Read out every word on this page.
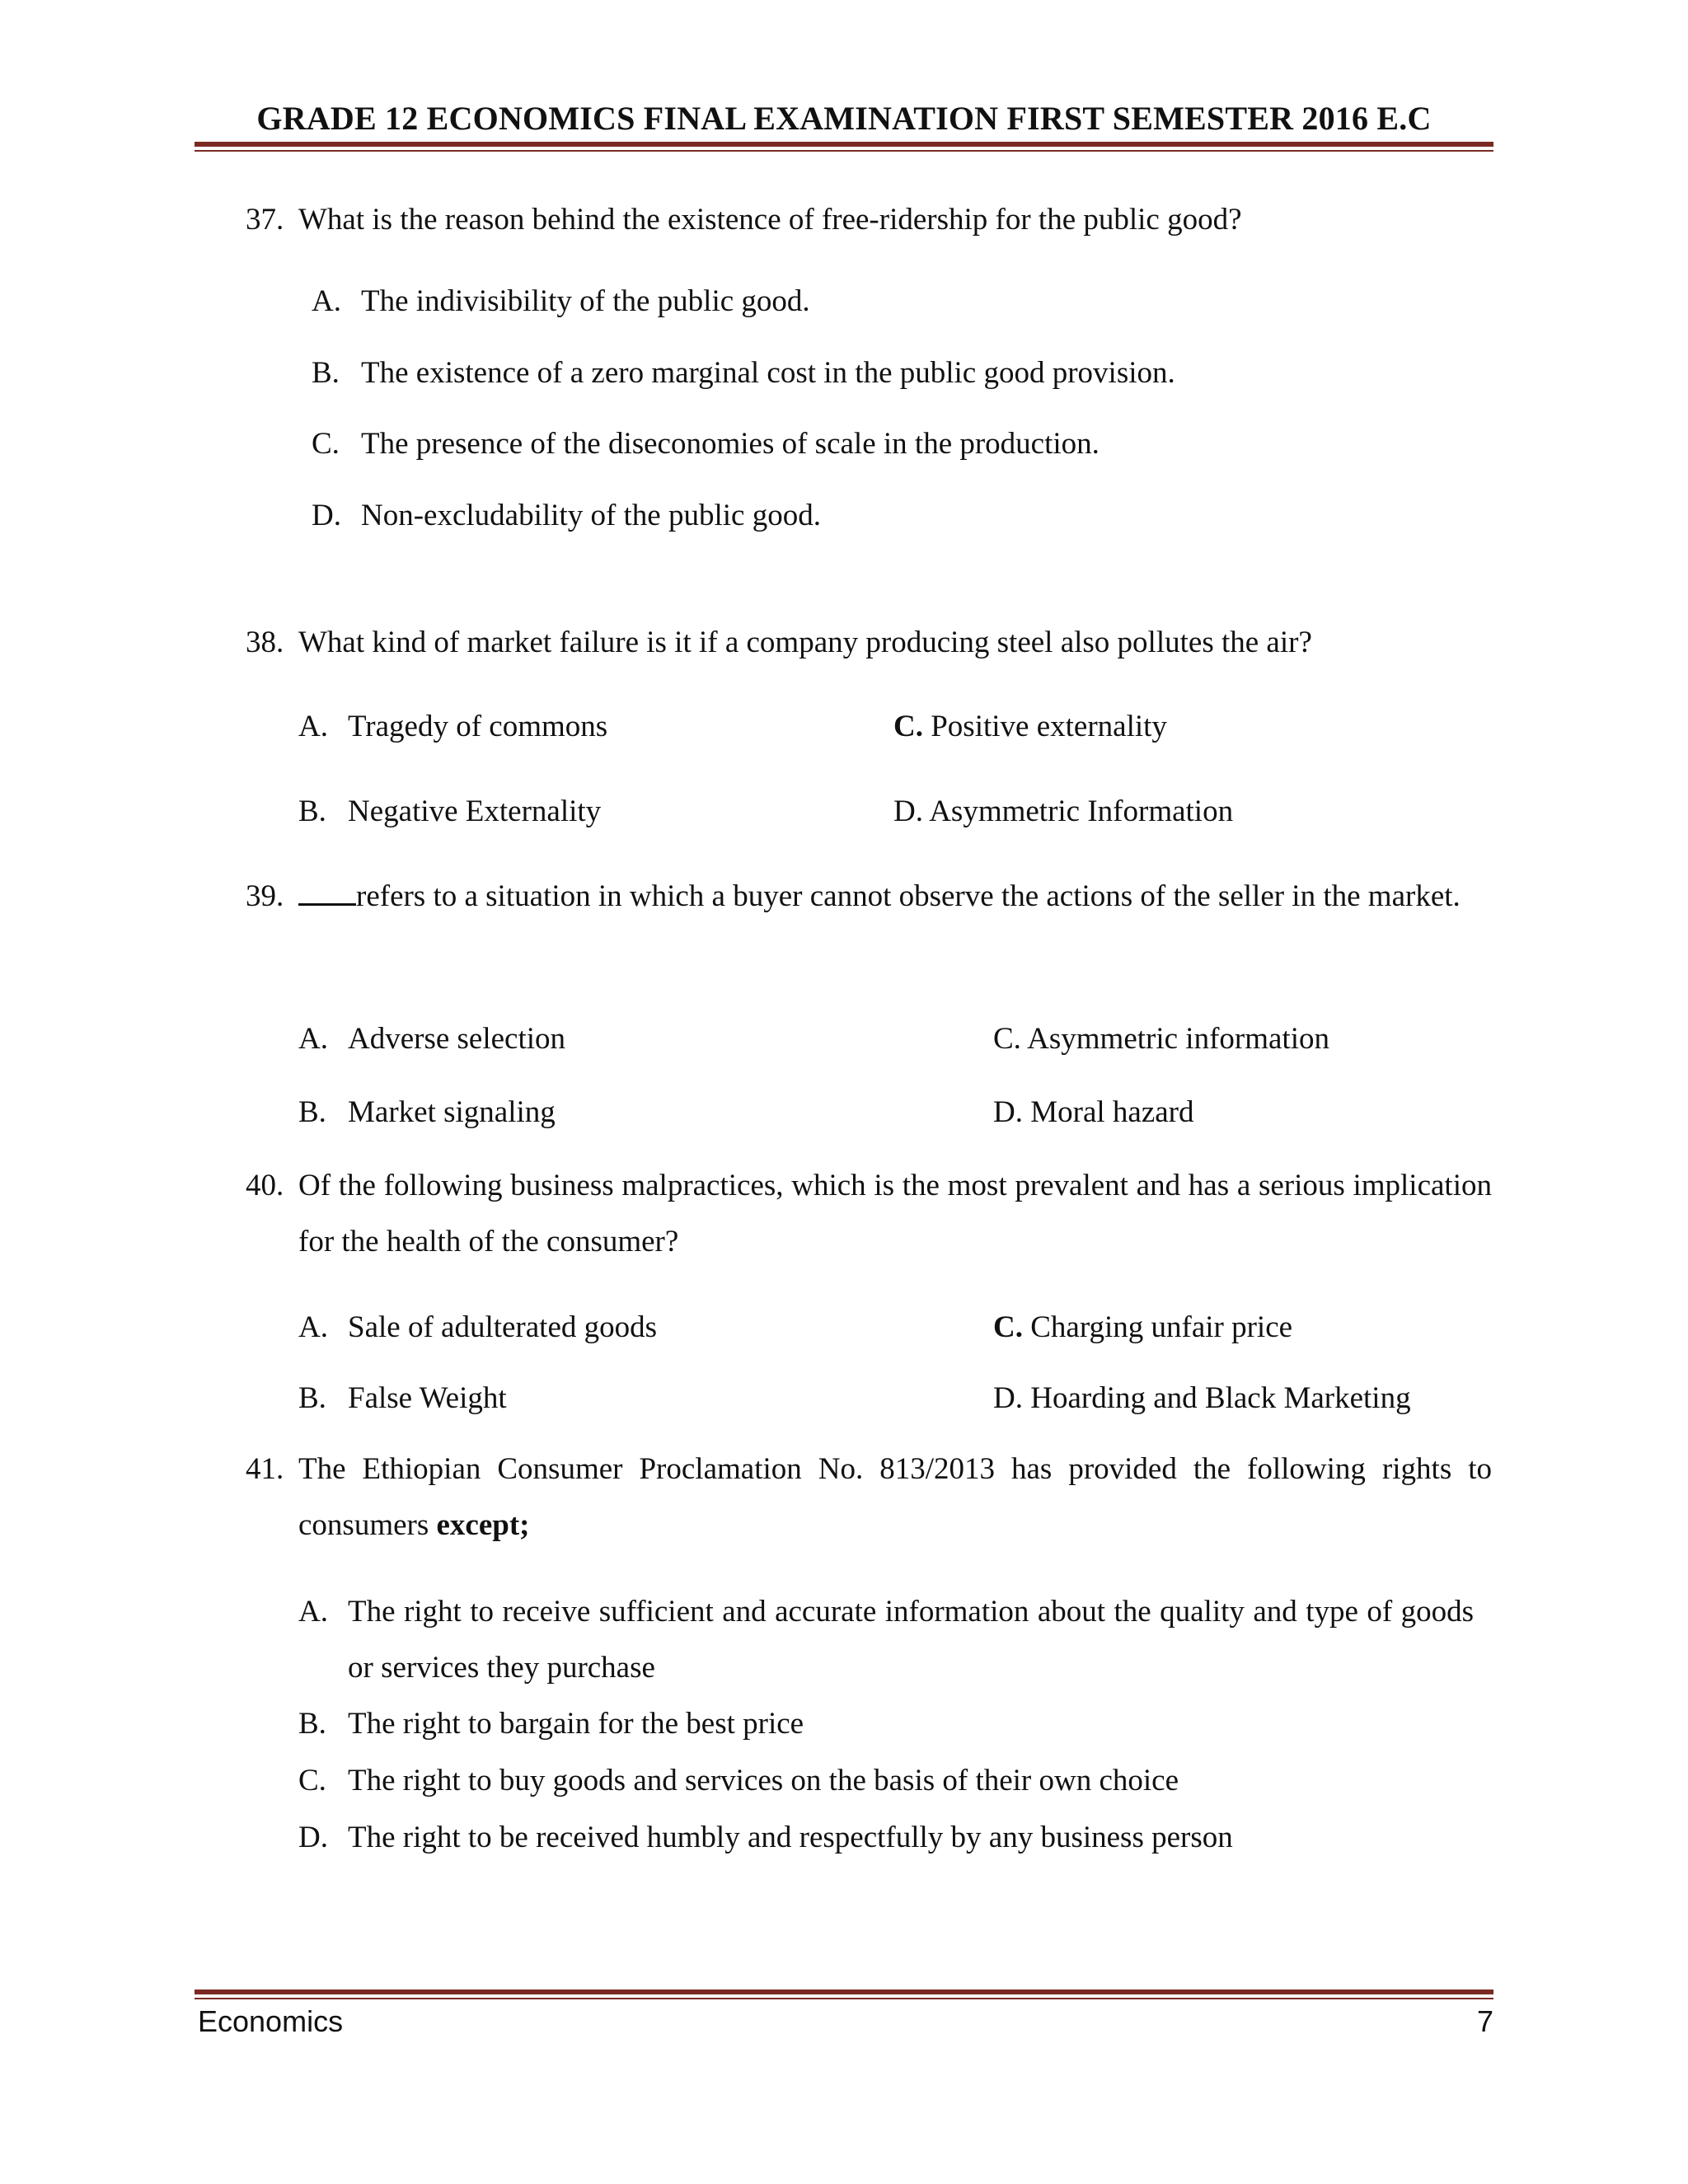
GRADE 12 ECONOMICS FINAL EXAMINATION FIRST SEMESTER 2016 E.C
37. What is the reason behind the existence of free-ridership for the public good?
A. The indivisibility of the public good.
B. The existence of a zero marginal cost in the public good provision.
C. The presence of the diseconomies of scale in the production.
D. Non-excludability of the public good.
38. What kind of market failure is it if a company producing steel also pollutes the air?
A. Tragedy of commons	C. Positive externality
B. Negative Externality	D. Asymmetric Information
39.	refers to a situation in which a buyer cannot observe the actions of the seller in the market.
A. Adverse selection	C. Asymmetric information
B. Market signaling	D. Moral hazard
40. Of the following business malpractices, which is the most prevalent and has a serious implication for the health of the consumer?
A. Sale of adulterated goods	C. Charging unfair price
B. False Weight	D. Hoarding and Black Marketing
41. The Ethiopian Consumer Proclamation No. 813/2013 has provided the following rights to consumers except;
A. The right to receive sufficient and accurate information about the quality and type of goods or services they purchase
B. The right to bargain for the best price
C. The right to buy goods and services on the basis of their own choice
D. The right to be received humbly and respectfully by any business person
Economics	7
